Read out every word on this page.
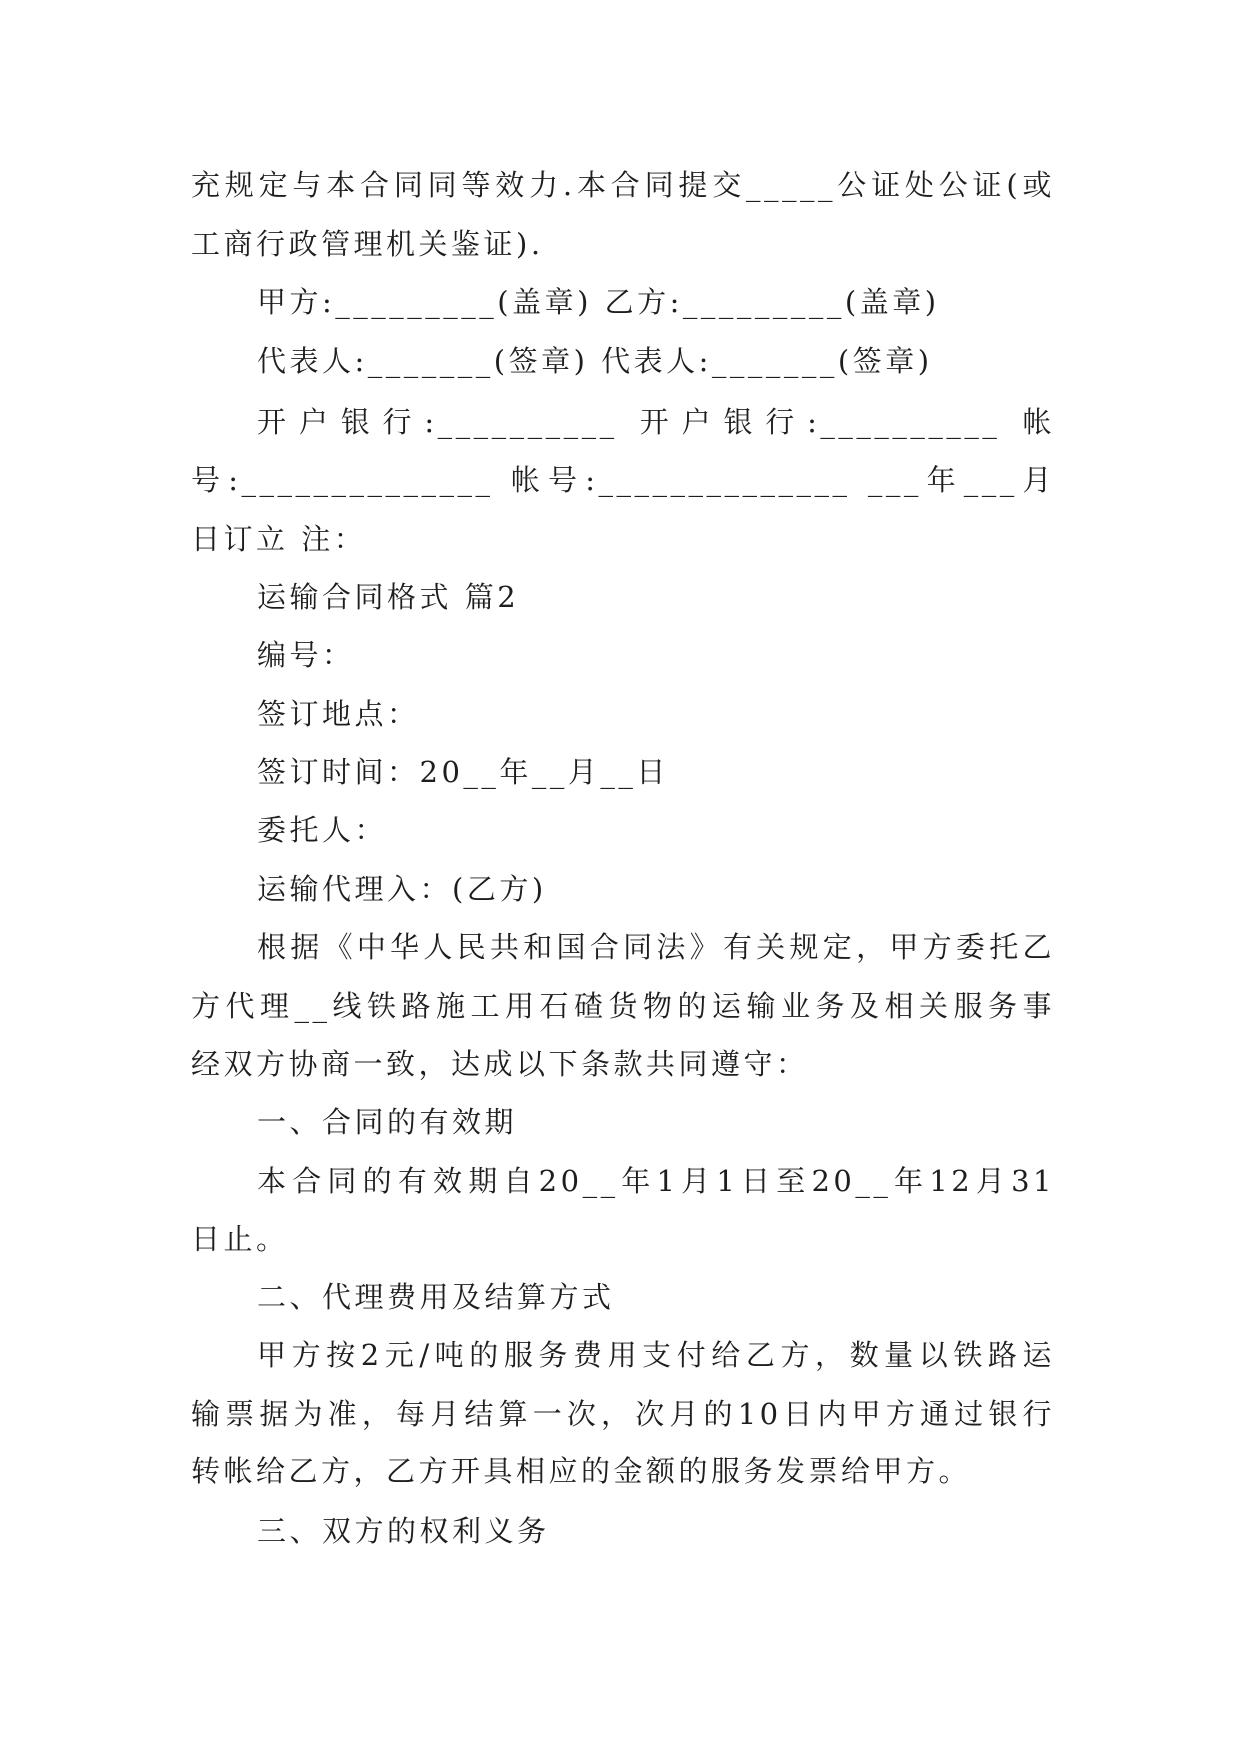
充规定与本合同同等效力.本合同提交_____公证处公证(或
工商行政管理机关鉴证).
甲方:_________(盖章) 乙方:_________(盖章)
代表人:_______(签章) 代表人:_______(签章)
开户银行:__________ 开户银行:__________ 帐
号:______________ 帐号:______________ ___年___月
日订立 注：
运输合同格式 篇2
编号：
签订地点：
签订时间：20__年__月__日
委托人：
运输代理入：(乙方)
根据《中华人民共和国合同法》有关规定，甲方委托乙
方代理__线铁路施工用石碴货物的运输业务及相关服务事
经双方协商一致，达成以下条款共同遵守：
一、合同的有效期
本合同的有效期自20__年1月1日至20__年12月31
日止。
二、代理费用及结算方式
甲方按2元/吨的服务费用支付给乙方，数量以铁路运
输票据为准，每月结算一次，次月的10日内甲方通过银行
转帐给乙方，乙方开具相应的金额的服务发票给甲方。
三、双方的权利义务
